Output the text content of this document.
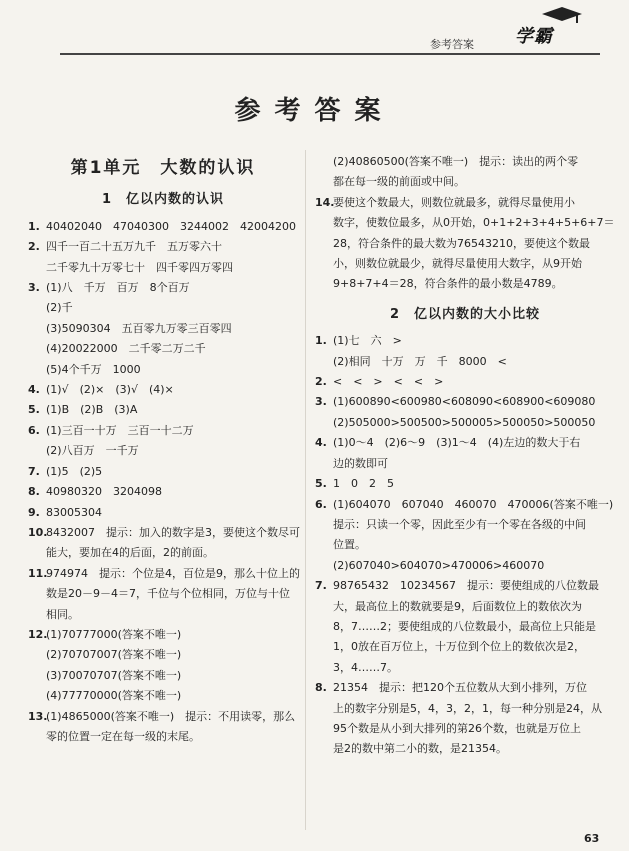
参考答案 学霸
参考答案
第1单元　大数的认识
1　亿以内数的认识
1. 40402040　47040300　3244002　42004200
2. 四千一百二十五万九千　五万零六十
二千零九十万零七十　四千零四万零四
3. (1)八　千万　百万　8个百万
(2)千
(3)5090304　五百零九万零三百零四
(4)20022000　二千零二万二千
(5)4个千万　1000
4. (1)√　(2)×　(3)√　(4)×
5. (1)B　(2)B　(3)A
6. (1)三百一十万　三百一十二万
(2)八百万　一千万
7. (1)5　(2)5
8. 40980320　3204098
9. 83005304
10.8432007　提示：加入的数字是3，要使这个数尽可
能大，要加在4的后面，2的前面。
11.974974　提示：个位是4，百位是9，那么十位上的
数是20－9－4＝7，千位与个位相同，万位与十位
相同。
12.(1)70777000(答案不唯一)
(2)70707007(答案不唯一)
(3)70070707(答案不唯一)
(4)77770000(答案不唯一)
13.(1)4865000(答案不唯一)　提示：不用读零，那么
零的位置一定在每一级的末尾。
(2)40860500(答案不唯一)　提示：读出的两个零
都在每一级的前面或中间。
14.要使这个数最大，则数位就最多，就得尽量使用小
数字，使数位最多，从0开始，0+1+2+3+4+5+6+7＝
28，符合条件的最大数为76543210，要使这个数最
小，则数位就最少，就得尽量使用大数字，从9开始
9+8+7+4＝28，符合条件的最小数是4789。
2　亿以内数的大小比较
1. (1)七　六　>
(2)相同　十万　万　千　8000　<
2. <　<　>　<　<　>
3. (1)600890<600980<608090<608900<609080
(2)505000>500500>500005>500050>500050
4. (1)0～4　(2)6～9　(3)1～4　(4)左边的数大于右
边的数即可
5. 1　0　2　5
6. (1)604070　607040　460070　470006(答案不唯一)
提示：只读一个零，因此至少有一个零在各级的中间
位置。
(2)607040>604070>470006>460070
7. 98765432　10234567　提示：要使组成的八位数最
大，最高位上的数就要是9，后面数位上的数依次为
8，7……2；要使组成的八位数最小，最高位上只能是
1，0放在百万位上，十万位到个位上的数依次是2，
3，4……7。
8. 21354　提示：把120个五位数从大到小排列，万位
上的数字分别是5，4，3，2，1，每一种分别是24，从
95个数是从小到大排列的第26个数，也就是万位上
是2的数中第二小的数，是21354。
63
